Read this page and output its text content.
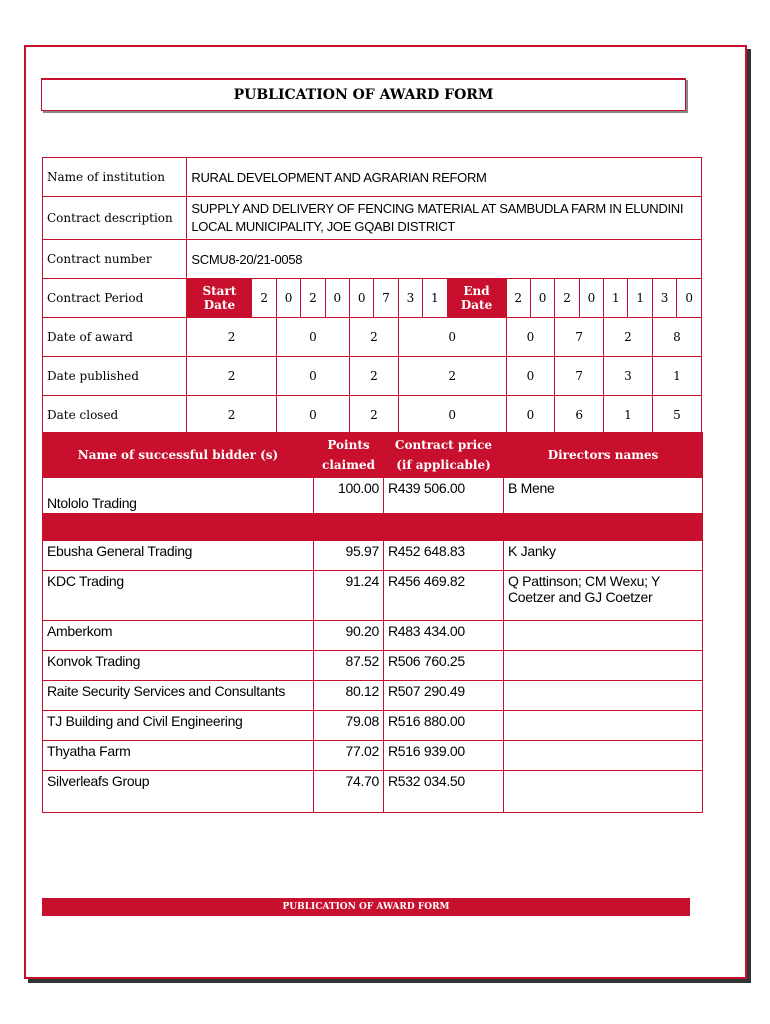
PUBLICATION OF AWARD FORM
Name of institution	RURAL DEVELOPMENT AND AGRARIAN REFORM																	
Contract description	SUPPLY AND DELIVERY OF FENCING MATERIAL AT SAMBUDLA FARM IN ELUNDINI LOCAL MUNICIPALITY, JOE GQABI DISTRICT																	
Contract number	SCMU8-20/21-0058																	
Contract Period	Start Date	2	0	2	0	0	7	3	1	End Date	2	0	2	0	1	1	3	0
Date of award	2		0			2		0			0		7		2		8	
Date published	2		0			2		2			0		7		3		1	
Date closed	2		0			2		0			0		6		1		5	
Name of successful bidder (s)	Points claimed	Contract price (if applicable)	Directors names
Ntololo Trading	100.00	R439 506.00	B Mene

Ebusha General Trading	95.97	R452 648.83	K Janky
KDC Trading	91.24	R456 469.82	Q Pattinson; CM Wexu; Y Coetzer and GJ Coetzer
Amberkom	90.20	R483 434.00	
Konvok Trading	87.52	R506 760.25	
Raite Security Services and Consultants	80.12	R507 290.49	
TJ Building and Civil Engineering	79.08	R516 880.00	
Thyatha Farm	77.02	R516 939.00	
Silverleafs Group	74.70	R532 034.50	
PUBLICATION OF AWARD FORM
